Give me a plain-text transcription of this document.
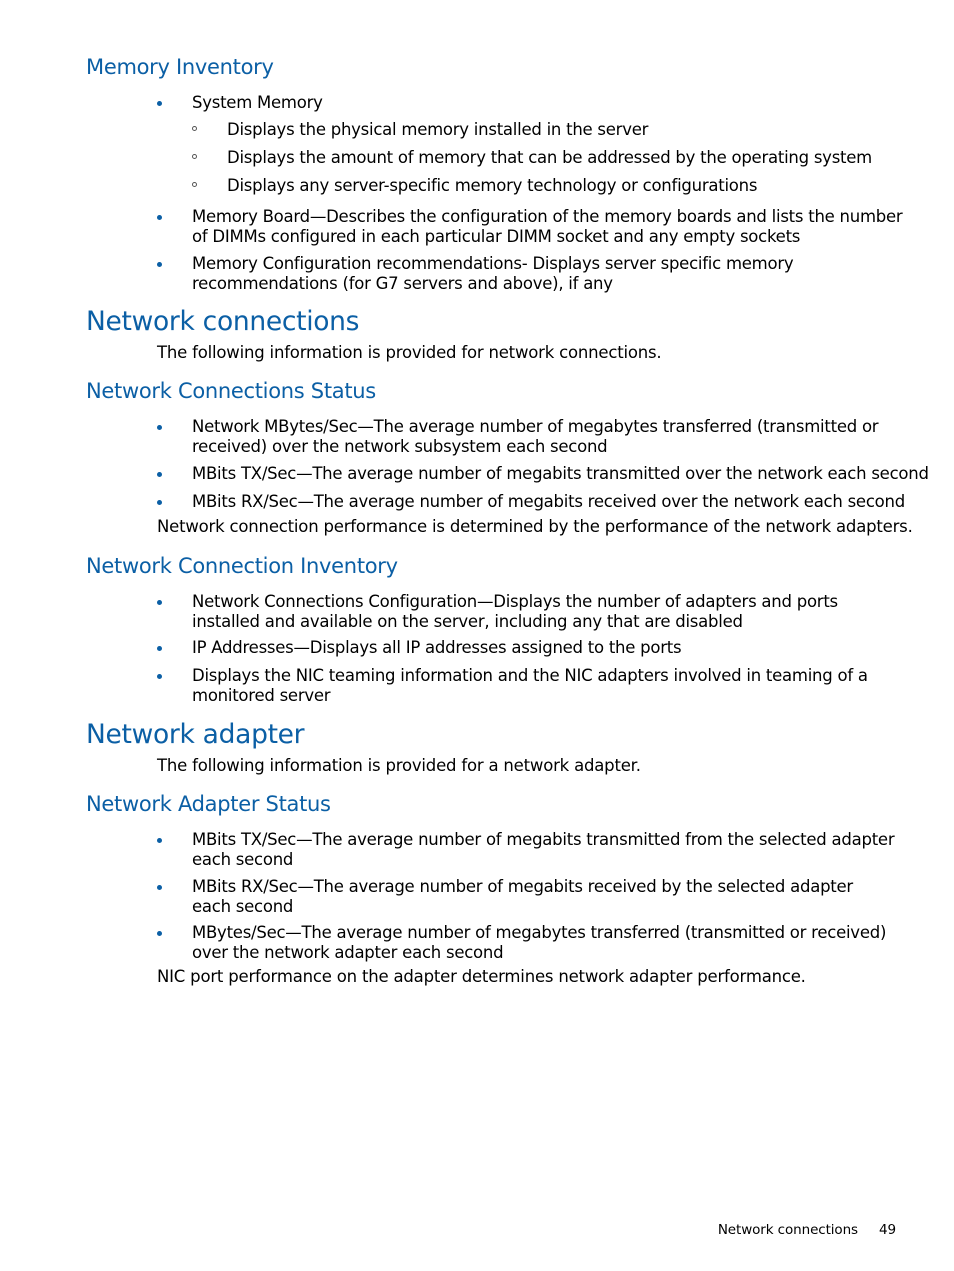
Memory Inventory
System Memory
Displays the physical memory installed in the server
Displays the amount of memory that can be addressed by the operating system
Displays any server-specific memory technology or configurations
Memory Board—Describes the configuration of the memory boards and lists the number of DIMMs configured in each particular DIMM socket and any empty sockets
Memory Configuration recommendations- Displays server specific memory recommendations (for G7 servers and above), if any
Network connections

The following information is provided for network connections.

Network Connections Status
Network MBytes/Sec—The average number of megabytes transferred (transmitted or received) over the network subsystem each second
MBits TX/Sec—The average number of megabits transmitted over the network each second
MBits RX/Sec—The average number of megabits received over the network each second

Network connection performance is determined by the performance of the network adapters.

Network Connection Inventory
Network Connections Configuration—Displays the number of adapters and ports installed and available on the server, including any that are disabled
IP Addresses—Displays all IP addresses assigned to the ports
Displays the NIC teaming information and the NIC adapters involved in teaming of a monitored server
Network adapter

The following information is provided for a network adapter.

Network Adapter Status
MBits TX/Sec—The average number of megabits transmitted from the selected adapter each second
MBits RX/Sec—The average number of megabits received by the selected adapter each second
MBytes/Sec—The average number of megabytes transferred (transmitted or received) over the network adapter each second

NIC port performance on the adapter determines network adapter performance.

Network connections 49
